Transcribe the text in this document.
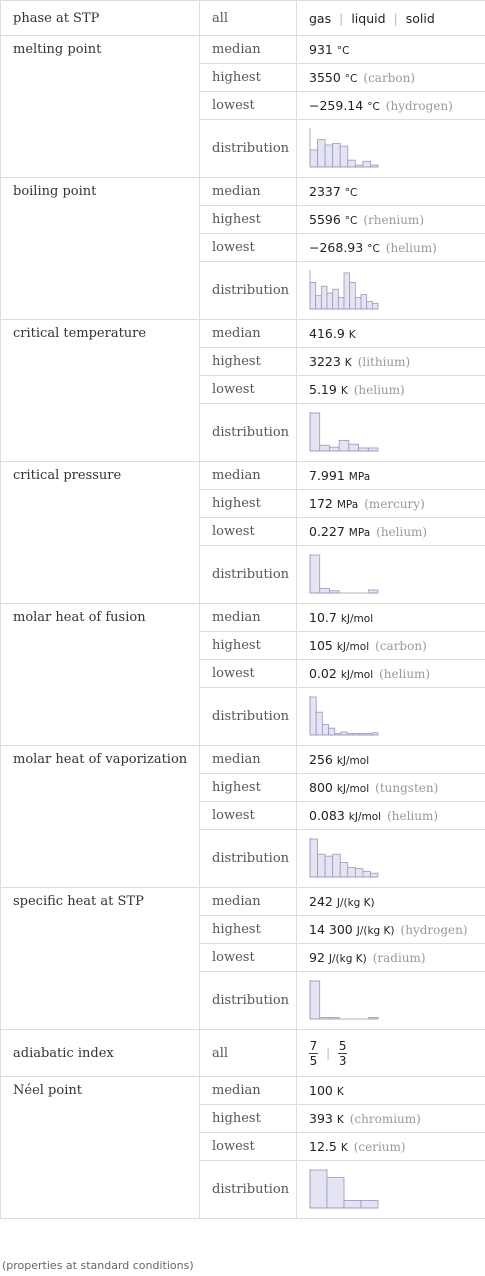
phase at STP	all	gas | liquid | solid
melting point	median	931 °C
	highest	3550 °C (carbon)
	lowest	−259.14 °C (hydrogen)
	distribution	

boiling point	median	2337 °C
	highest	5596 °C (rhenium)
	lowest	−268.93 °C (helium)
	distribution	

critical temperature	median	416.9 K
	highest	3223 K (lithium)
	lowest	5.19 K (helium)
	distribution	

critical pressure	median	7.991 MPa
	highest	172 MPa (mercury)
	lowest	0.227 MPa (helium)
	distribution	

molar heat of fusion	median	10.7 kJ/mol
	highest	105 kJ/mol (carbon)
	lowest	0.02 kJ/mol (helium)
	distribution	

molar heat of vaporization	median	256 kJ/mol
	highest	800 kJ/mol (tungsten)
	lowest	0.083 kJ/mol (helium)
	distribution	

specific heat at STP	median	242 J/(kg K)
	highest	14 300 J/(kg K) (hydrogen)
	lowest	92 J/(kg K) (radium)
	distribution	

adiabatic index	all	$\frac{7}{5}$ | $\frac{5}{3}$

Néel point	median	100 K
	highest	393 K (chromium)
	lowest	12.5 K (cerium)
	distribution	
(properties at standard conditions)
